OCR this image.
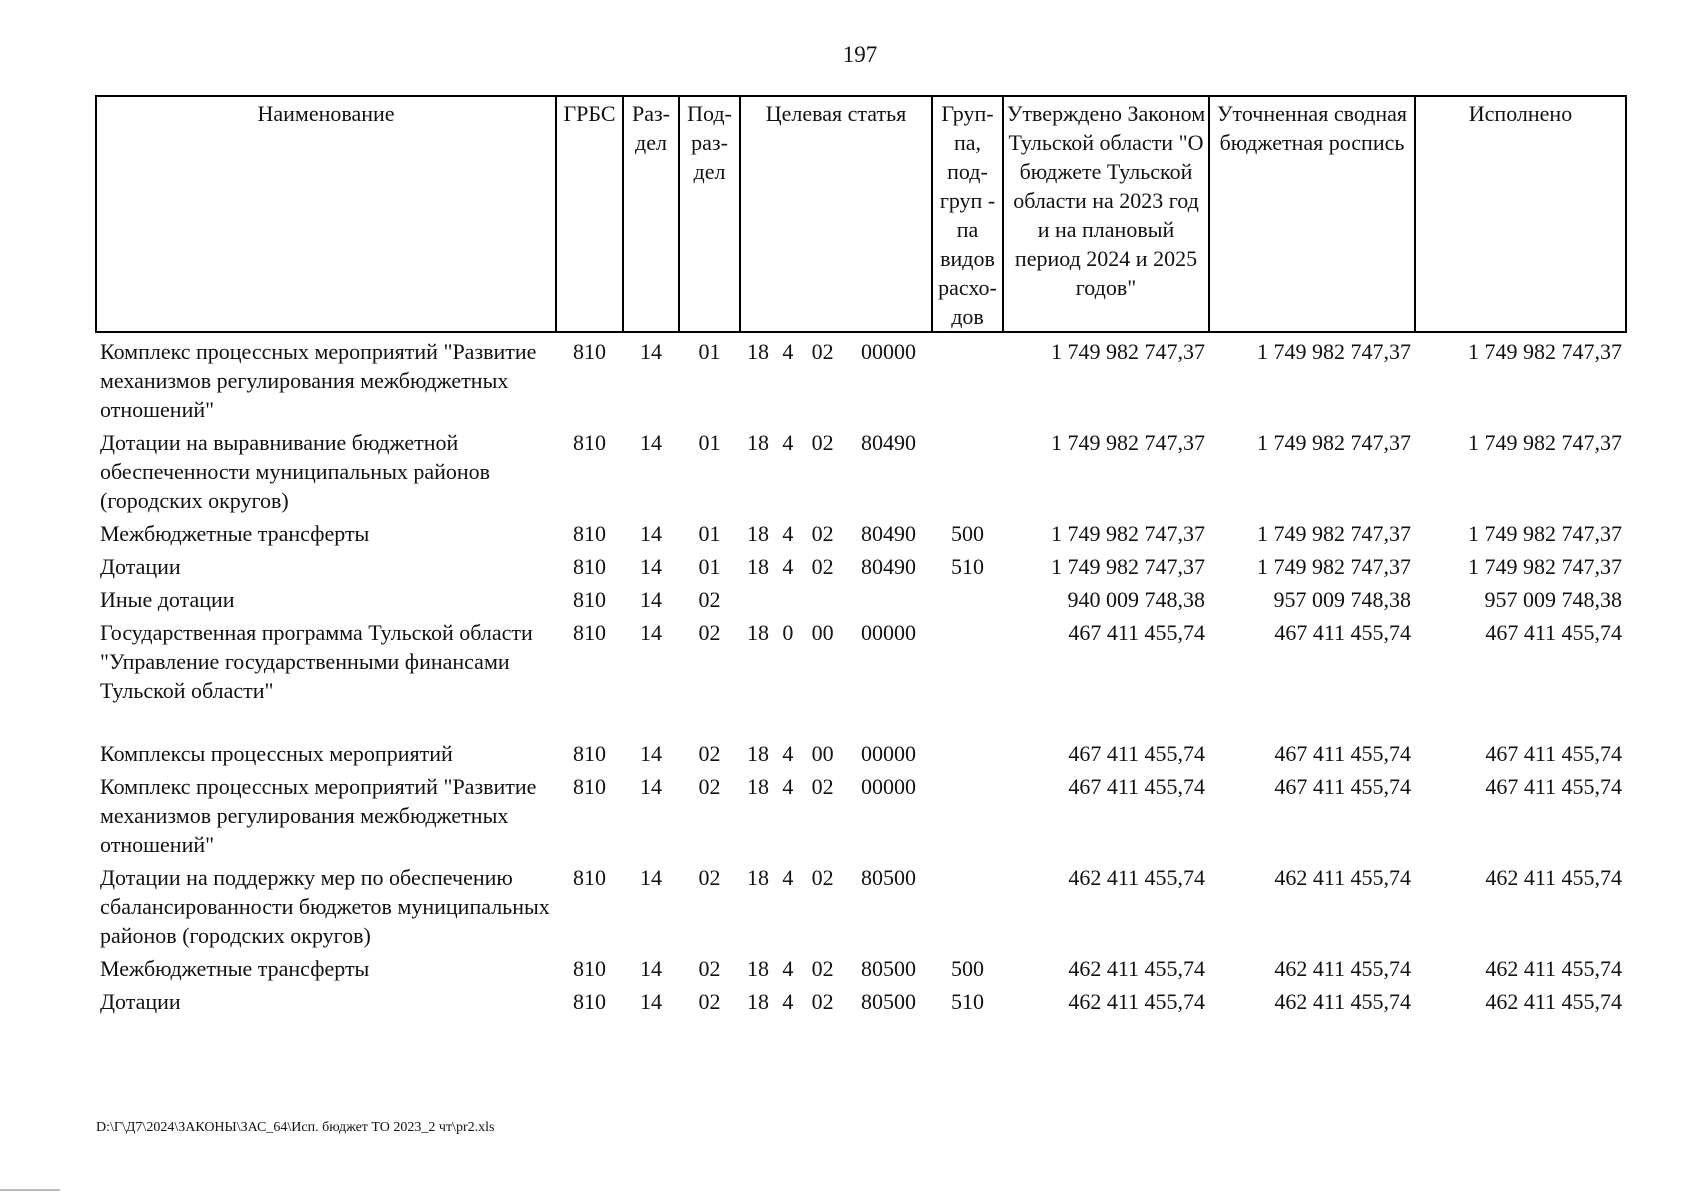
197
Наименование	ГРБС	Раз-дел	Под-раз-дел	Целевая статья	Груп-па, под-груп - па видов расхо-дов	Утверждено Законом Тульской области "О бюджете Тульской области на 2023 год и на плановый период 2024 и 2025 годов"	Уточненная сводная бюджетная роспись	Исполнено
Комплекс процессных мероприятий "Развитие механизмов регулирования межбюджетных отношений"	810	14	01	18 4 02 00000		1 749 982 747,37	1 749 982 747,37	1 749 982 747,37
Дотации на выравнивание бюджетной обеспеченности муниципальных районов (городских округов)	810	14	01	18 4 02 80490		1 749 982 747,37	1 749 982 747,37	1 749 982 747,37
Межбюджетные трансферты	810	14	01	18 4 02 80490	500	1 749 982 747,37	1 749 982 747,37	1 749 982 747,37
Дотации	810	14	01	18 4 02 80490	510	1 749 982 747,37	1 749 982 747,37	1 749 982 747,37
Иные дотации	810	14	02			940 009 748,38	957 009 748,38	957 009 748,38
Государственная программа Тульской области "Управление государственными финансами Тульской области"	810	14	02	18 0 00 00000		467 411 455,74	467 411 455,74	467 411 455,74
Комплексы процессных мероприятий	810	14	02	18 4 00 00000		467 411 455,74	467 411 455,74	467 411 455,74
Комплекс процессных мероприятий "Развитие механизмов регулирования межбюджетных отношений"	810	14	02	18 4 02 00000		467 411 455,74	467 411 455,74	467 411 455,74
Дотации на поддержку мер по обеспечению сбалансированности бюджетов муниципальных районов (городских округов)	810	14	02	18 4 02 80500		462 411 455,74	462 411 455,74	462 411 455,74
Межбюджетные трансферты	810	14	02	18 4 02 80500	500	462 411 455,74	462 411 455,74	462 411 455,74
Дотации	810	14	02	18 4 02 80500	510	462 411 455,74	462 411 455,74	462 411 455,74
D:\Г\Д7\2024\ЗАКОНЫ\ЗАС_64\Исп. бюджет ТО 2023_2 чт\pr2.xls
